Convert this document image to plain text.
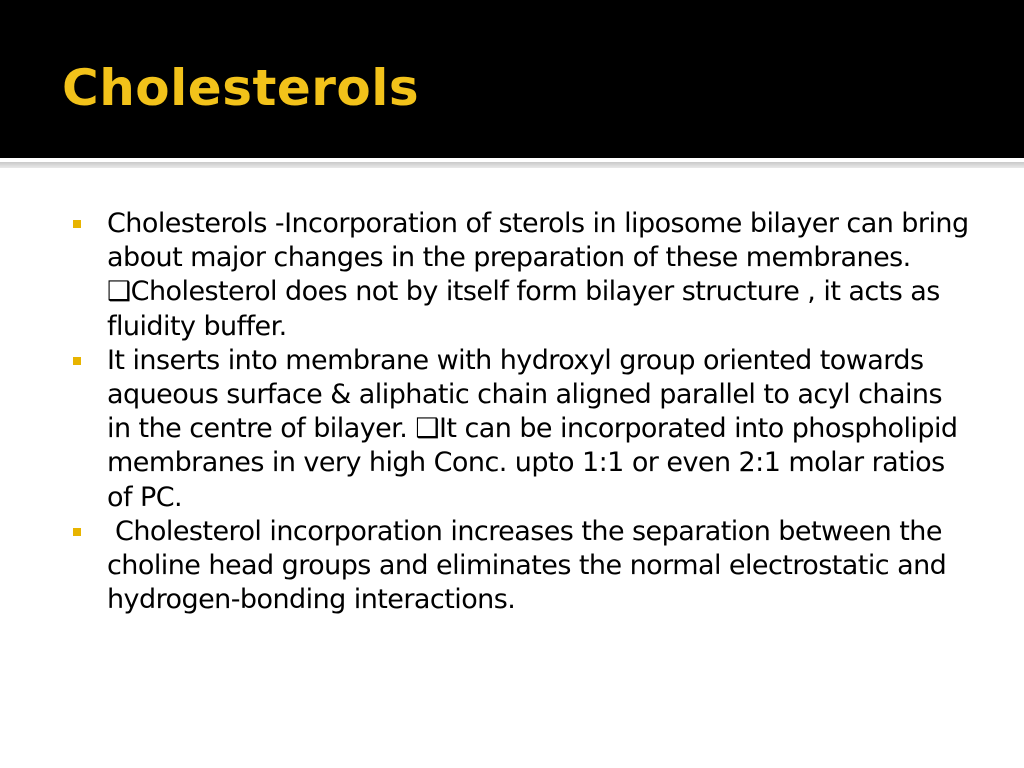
Cholesterols
Cholesterols -Incorporation of sterols in liposome bilayer can bring about major changes in the preparation of these membranes. ❑Cholesterol does not by itself form bilayer structure , it acts as fluidity buffer.
It inserts into membrane with hydroxyl group oriented towards aqueous surface & aliphatic chain aligned parallel to acyl chains in the centre of bilayer. ❑It can be incorporated into phospholipid membranes in very high Conc. upto 1:1 or even 2:1 molar ratios of PC.
Cholesterol incorporation increases the separation between the choline head groups and eliminates the normal electrostatic and hydrogen-bonding interactions.
